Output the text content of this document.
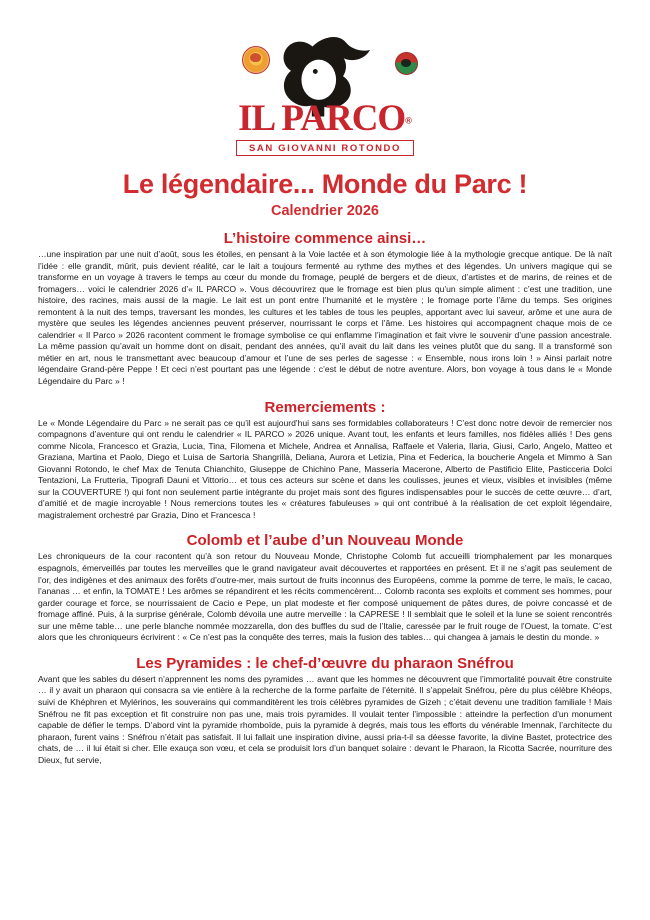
IL PARCO®
SAN GIOVANNI ROTONDO
Le légendaire... Monde du Parc !
Calendrier 2026
L’histoire commence ainsi…

…une inspiration par une nuit d’août, sous les étoiles, en pensant à la Voie lactée et à son étymologie liée à la mythologie grecque antique. De là naît l’idée : elle grandit, mûrit, puis devient réalité, car le lait a toujours fermenté au rythme des mythes et des légendes. Un univers magique qui se transforme en un voyage à travers le temps au cœur du monde du fromage, peuplé de bergers et de dieux, d’artistes et de marins, de reines et de fromagers… voici le calendrier 2026 d’« IL PARCO ». Vous découvrirez que le fromage est bien plus qu’un simple aliment : c’est une tradition, une histoire, des racines, mais aussi de la magie. Le lait est un pont entre l’humanité et le mystère ; le fromage porte l’âme du temps. Ses origines remontent à la nuit des temps, traversant les mondes, les cultures et les tables de tous les peuples, apportant avec lui saveur, arôme et une aura de mystère que seules les légendes anciennes peuvent préserver, nourrissant le corps et l’âme. Les histoires qui accompagnent chaque mois de ce calendrier « Il Parco » 2026 racontent comment le fromage symbolise ce qui enflamme l’imagination et fait vivre le souvenir d’une passion ancestrale. La même passion qu’avait un homme dont on disait, pendant des années, qu’il avait du lait dans les veines plutôt que du sang. Il a transformé son métier en art, nous le transmettant avec beaucoup d’amour et l’une de ses perles de sagesse : « Ensemble, nous irons loin ! » Ainsi parlait notre légendaire Grand-père Peppe ! Et ceci n’est pourtant pas une légende : c’est le début de notre aventure. Alors, bon voyage à tous dans le « Monde Légendaire du Parc » !

Remerciements :

Le « Monde Légendaire du Parc » ne serait pas ce qu’il est aujourd’hui sans ses formidables collaborateurs ! C’est donc notre devoir de remercier nos compagnons d’aventure qui ont rendu le calendrier « IL PARCO » 2026 unique. Avant tout, les enfants et leurs familles, nos fidèles alliés ! Des gens comme Nicola, Francesco et Grazia, Lucia, Tina, Filomena et Michele, Andrea et Annalisa, Raffaele et Valeria, Ilaria, Giusi, Carlo, Angelo, Matteo et Graziana, Martina et Paolo, Diego et Luisa de Sartoria Shangrillà, Deliana, Aurora et Letizia, Pina et Federica, la boucherie Angela et Mimmo à San Giovanni Rotondo, le chef Max de Tenuta Chianchito, Giuseppe de Chichino Pane, Masseria Macerone, Alberto de Pastificio Elite, Pasticceria Dolci Tentazioni, La Frutteria, Tipografi Dauni et Vittorio… et tous ces acteurs sur scène et dans les coulisses, jeunes et vieux, visibles et invisibles (même sur la COUVERTURE !) qui font non seulement partie intégrante du projet mais sont des figures indispensables pour le succès de cette œuvre… d’art, d’amitié et de magie incroyable ! Nous remercions toutes les « créatures fabuleuses » qui ont contribué à la réalisation de cet exploit légendaire, magistralement orchestré par Grazia, Dino et Francesca !

Colomb et l’aube d’un Nouveau Monde

Les chroniqueurs de la cour racontent qu’à son retour du Nouveau Monde, Christophe Colomb fut accueilli triomphalement par les monarques espagnols, émerveillés par toutes les merveilles que le grand navigateur avait découvertes et rapportées en présent. Et il ne s’agit pas seulement de l’or, des indigènes et des animaux des forêts d’outre-mer, mais surtout de fruits inconnus des Européens, comme la pomme de terre, le maïs, le cacao, l’ananas … et enfin, la TOMATE ! Les arômes se répandirent et les récits commencèrent… Colomb raconta ses exploits et comment ses hommes, pour garder courage et force, se nourrissaient de Cacio e Pepe, un plat modeste et fier composé uniquement de pâtes dures, de poivre concassé et de fromage affiné. Puis, à la surprise générale, Colomb dévoila une autre merveille : la CAPRESE ! Il semblait que le soleil et la lune se soient rencontrés sur une même table… une perle blanche nommée mozzarella, don des buffles du sud de l’Italie, caressée par le fruit rouge de l’Ouest, la tomate. C’est alors que les chroniqueurs écrivirent : « Ce n’est pas la conquête des terres, mais la fusion des tables… qui changea à jamais le destin du monde. »

Les Pyramides : le chef-d’œuvre du pharaon Snéfrou

Avant que les sables du désert n’apprennent les noms des pyramides … avant que les hommes ne découvrent que l’immortalité pouvait être construite … il y avait un pharaon qui consacra sa vie entière à la recherche de la forme parfaite de l’éternité. Il s’appelait Snéfrou, père du plus célèbre Khéops, suivi de Khéphren et Mylérinos, les souverains qui commanditèrent les trois célèbres pyramides de Gizeh ; c’était devenu une tradition familiale ! Mais Snéfrou ne fit pas exception et fit construire non pas une, mais trois pyramides. Il voulait tenter l’impossible : atteindre la perfection d’un monument capable de défier le temps. D’abord vint la pyramide rhomboïde, puis la pyramide à degrés, mais tous les efforts du vénérable Imennak, l’architecte du pharaon, furent vains : Snéfrou n’était pas satisfait. Il lui fallait une inspiration divine, aussi pria-t-il sa déesse favorite, la divine Bastet, protectrice des chats, de … il lui était si cher. Elle exauça son vœu, et cela se produisit lors d’un banquet solaire : devant le Pharaon, la Ricotta Sacrée, nourriture des Dieux, fut servie,
